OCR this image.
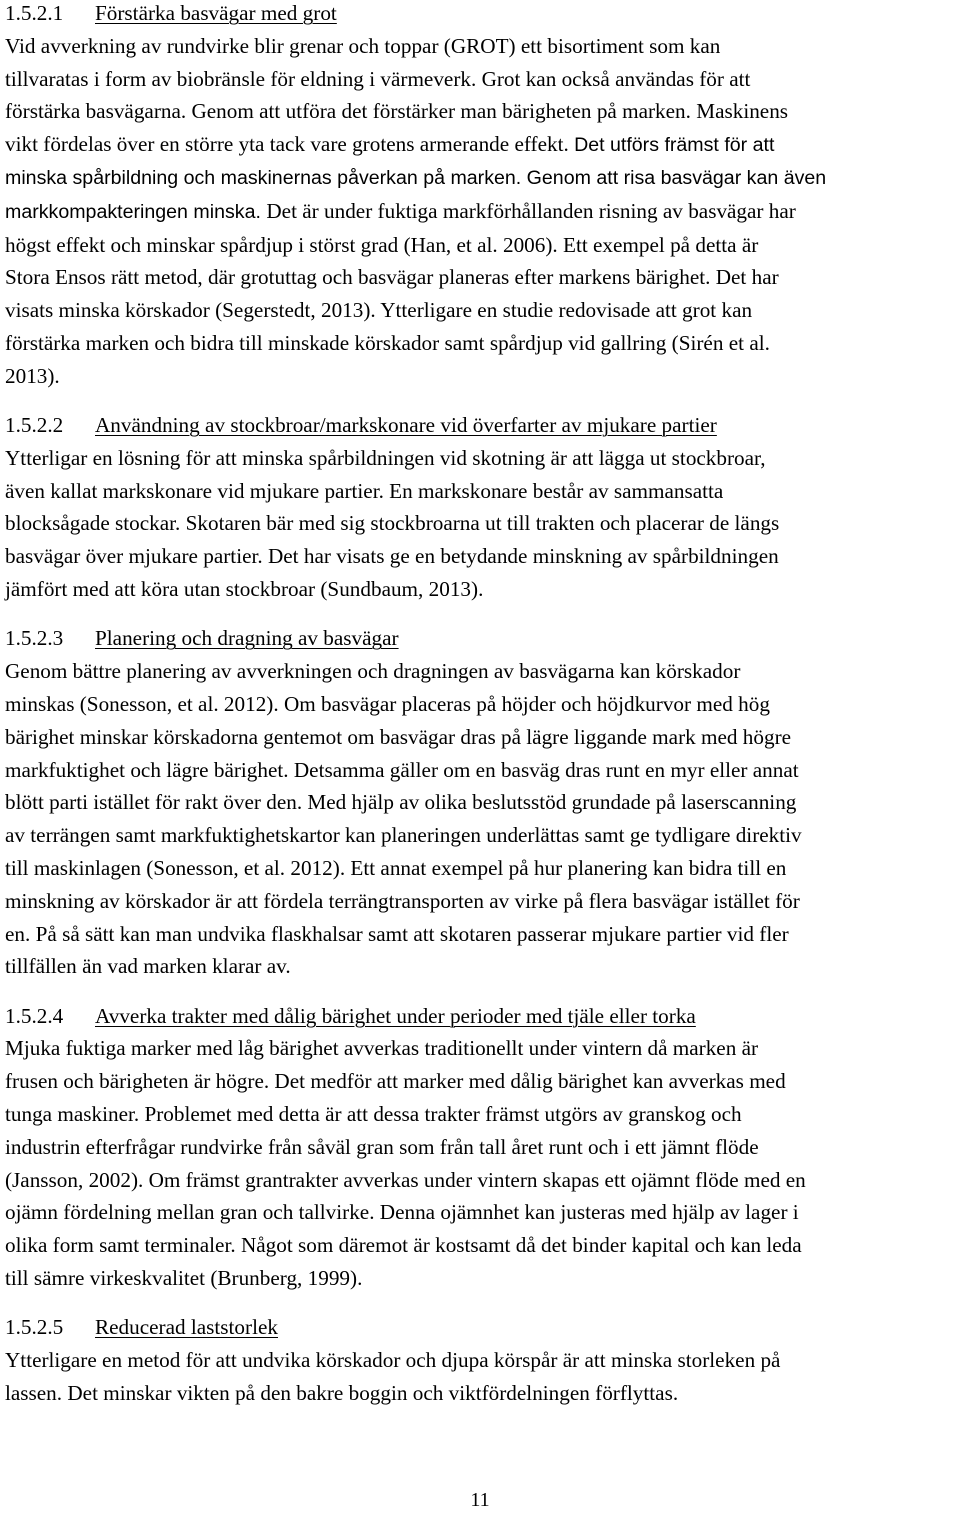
1.5.2.1 Förstärka basvägar med grot

Vid avverkning av rundvirke blir grenar och toppar (GROT) ett bisortiment som kan
tillvaratas i form av biobränsle för eldning i värmeverk. Grot kan också användas för att
förstärka basvägarna. Genom att utföra det förstärker man bärigheten på marken. Maskinens
vikt fördelas över en större yta tack vare grotens armerande effekt. Det utförs främst för att
minska spårbildning och maskinernas påverkan på marken. Genom att risa basvägar kan även
markkompakteringen minska. Det är under fuktiga markförhållanden risning av basvägar har
högst effekt och minskar spårdjup i störst grad (Han, et al. 2006). Ett exempel på detta är
Stora Ensos rätt metod, där grotuttag och basvägar planeras efter markens bärighet. Det har
visats minska körskador (Segerstedt, 2013). Ytterligare en studie redovisade att grot kan
förstärka marken och bidra till minskade körskador samt spårdjup vid gallring (Sirén et al.
2013).

1.5.2.2 Användning av stockbroar/markskonare vid överfarter av mjukare partier

Ytterligar en lösning för att minska spårbildningen vid skotning är att lägga ut stockbroar,
även kallat markskonare vid mjukare partier. En markskonare består av sammansatta
blocksågade stockar. Skotaren bär med sig stockbroarna ut till trakten och placerar de längs
basvägar över mjukare partier. Det har visats ge en betydande minskning av spårbildningen
jämfört med att köra utan stockbroar (Sundbaum, 2013).

1.5.2.3 Planering och dragning av basvägar

Genom bättre planering av avverkningen och dragningen av basvägarna kan körskador
minskas (Sonesson, et al. 2012). Om basvägar placeras på höjder och höjdkurvor med hög
bärighet minskar körskadorna gentemot om basvägar dras på lägre liggande mark med högre
markfuktighet och lägre bärighet. Detsamma gäller om en basväg dras runt en myr eller annat
blött parti istället för rakt över den. Med hjälp av olika beslutsstöd grundade på laserscanning
av terrängen samt markfuktighetskartor kan planeringen underlättas samt ge tydligare direktiv
till maskinlagen (Sonesson, et al. 2012). Ett annat exempel på hur planering kan bidra till en
minskning av körskador är att fördela terrängtransporten av virke på flera basvägar istället för
en. På så sätt kan man undvika flaskhalsar samt att skotaren passerar mjukare partier vid fler
tillfällen än vad marken klarar av.

1.5.2.4 Avverka trakter med dålig bärighet under perioder med tjäle eller torka

Mjuka fuktiga marker med låg bärighet avverkas traditionellt under vintern då marken är
frusen och bärigheten är högre. Det medför att marker med dålig bärighet kan avverkas med
tunga maskiner. Problemet med detta är att dessa trakter främst utgörs av granskog och
industrin efterfrågar rundvirke från såväl gran som från tall året runt och i ett jämnt flöde
(Jansson, 2002). Om främst grantrakter avverkas under vintern skapas ett ojämnt flöde med en
ojämn fördelning mellan gran och tallvirke. Denna ojämnhet kan justeras med hjälp av lager i
olika form samt terminaler. Något som däremot är kostsamt då det binder kapital och kan leda
till sämre virkeskvalitet (Brunberg, 1999).

1.5.2.5 Reducerad laststorlek

Ytterligare en metod för att undvika körskador och djupa körspår är att minska storleken på
lassen. Det minskar vikten på den bakre boggin och viktfördelningen förflyttas.

11
